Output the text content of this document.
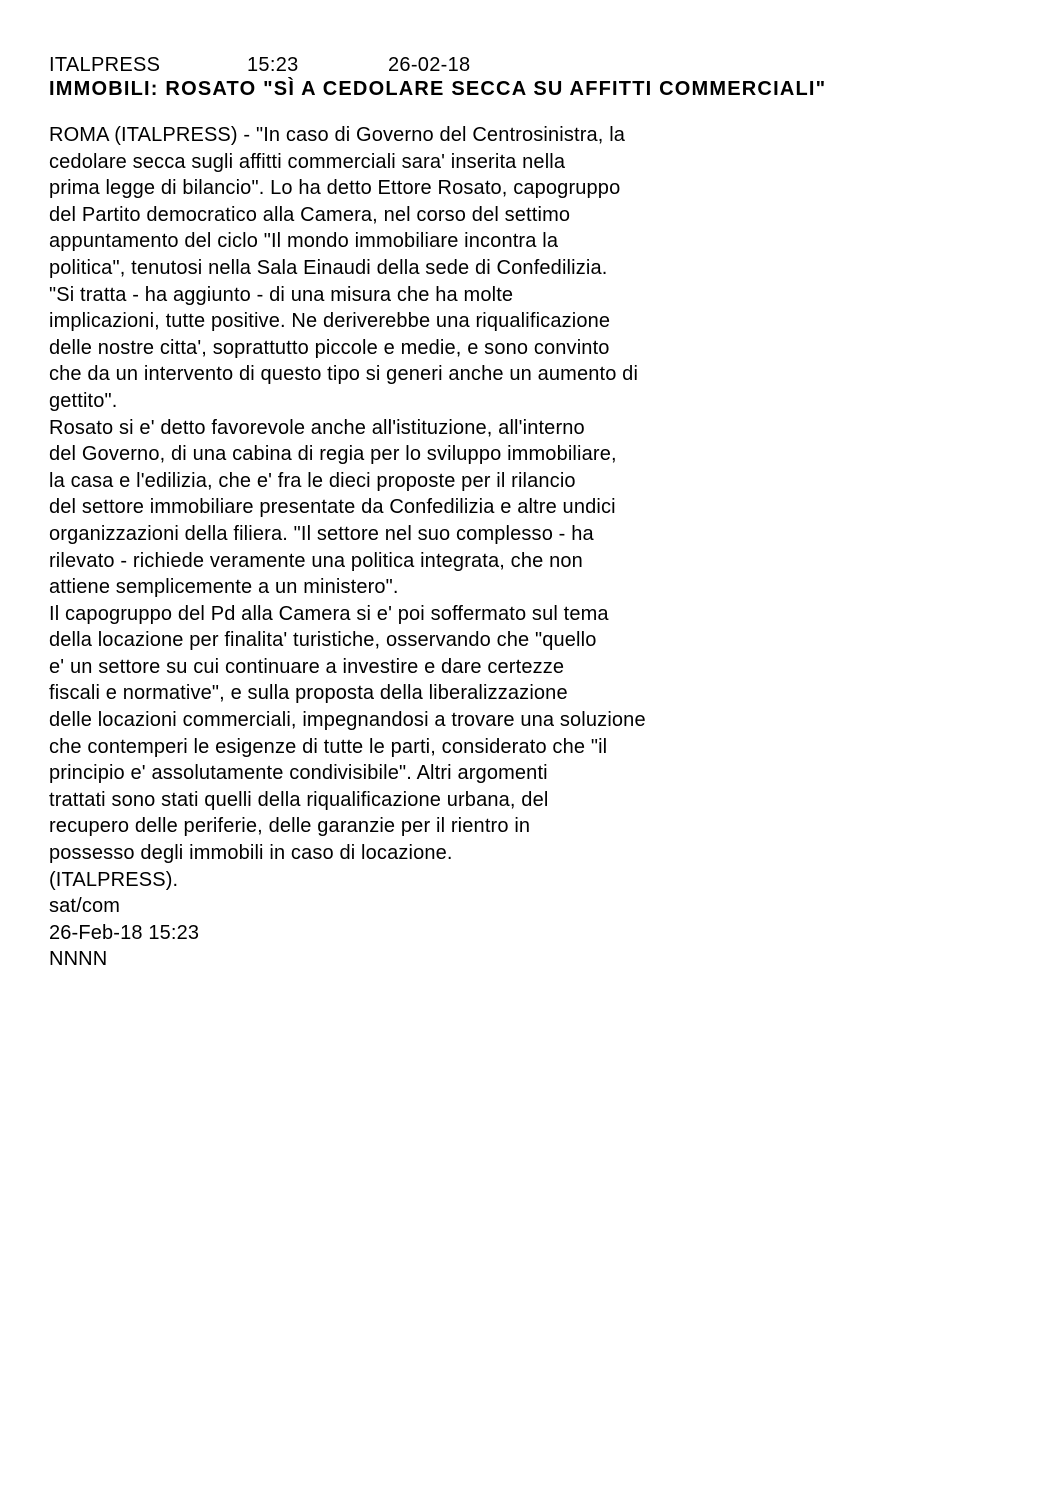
ITALPRESS	15:23	26-02-18
IMMOBILI: ROSATO "SÌ A CEDOLARE SECCA SU AFFITTI COMMERCIALI"
ROMA (ITALPRESS) - "In caso di Governo del Centrosinistra, la
cedolare secca sugli affitti commerciali sara' inserita nella
prima legge di bilancio". Lo ha detto Ettore Rosato, capogruppo
del Partito democratico alla Camera, nel corso del settimo
appuntamento del ciclo "Il mondo immobiliare incontra la
politica", tenutosi nella Sala Einaudi della sede di Confedilizia.
"Si tratta - ha aggiunto - di una misura che ha molte
implicazioni, tutte positive. Ne deriverebbe una riqualificazione
delle nostre citta', soprattutto piccole e medie, e sono convinto
che da un intervento di questo tipo si generi anche un aumento di
gettito".
Rosato si e' detto favorevole anche all'istituzione, all'interno
del Governo, di una cabina di regia per lo sviluppo immobiliare,
la casa e l'edilizia, che e' fra le dieci proposte per il rilancio
del settore immobiliare presentate da Confedilizia e altre undici
organizzazioni della filiera. "Il settore nel suo complesso - ha
rilevato - richiede veramente una politica integrata, che non
attiene semplicemente a un ministero".
Il capogruppo del Pd alla Camera si e' poi soffermato sul tema
della locazione per finalita' turistiche, osservando che "quello
e' un settore su cui continuare a investire e dare certezze
fiscali e normative", e sulla proposta della liberalizzazione
delle locazioni commerciali, impegnandosi a trovare una soluzione
che contemperi le esigenze di tutte le parti, considerato che "il
principio e' assolutamente condivisibile". Altri argomenti
trattati sono stati quelli della riqualificazione urbana, del
recupero delle periferie, delle garanzie per il rientro in
possesso degli immobili in caso di locazione.
(ITALPRESS).
sat/com
26-Feb-18 15:23
NNNN
